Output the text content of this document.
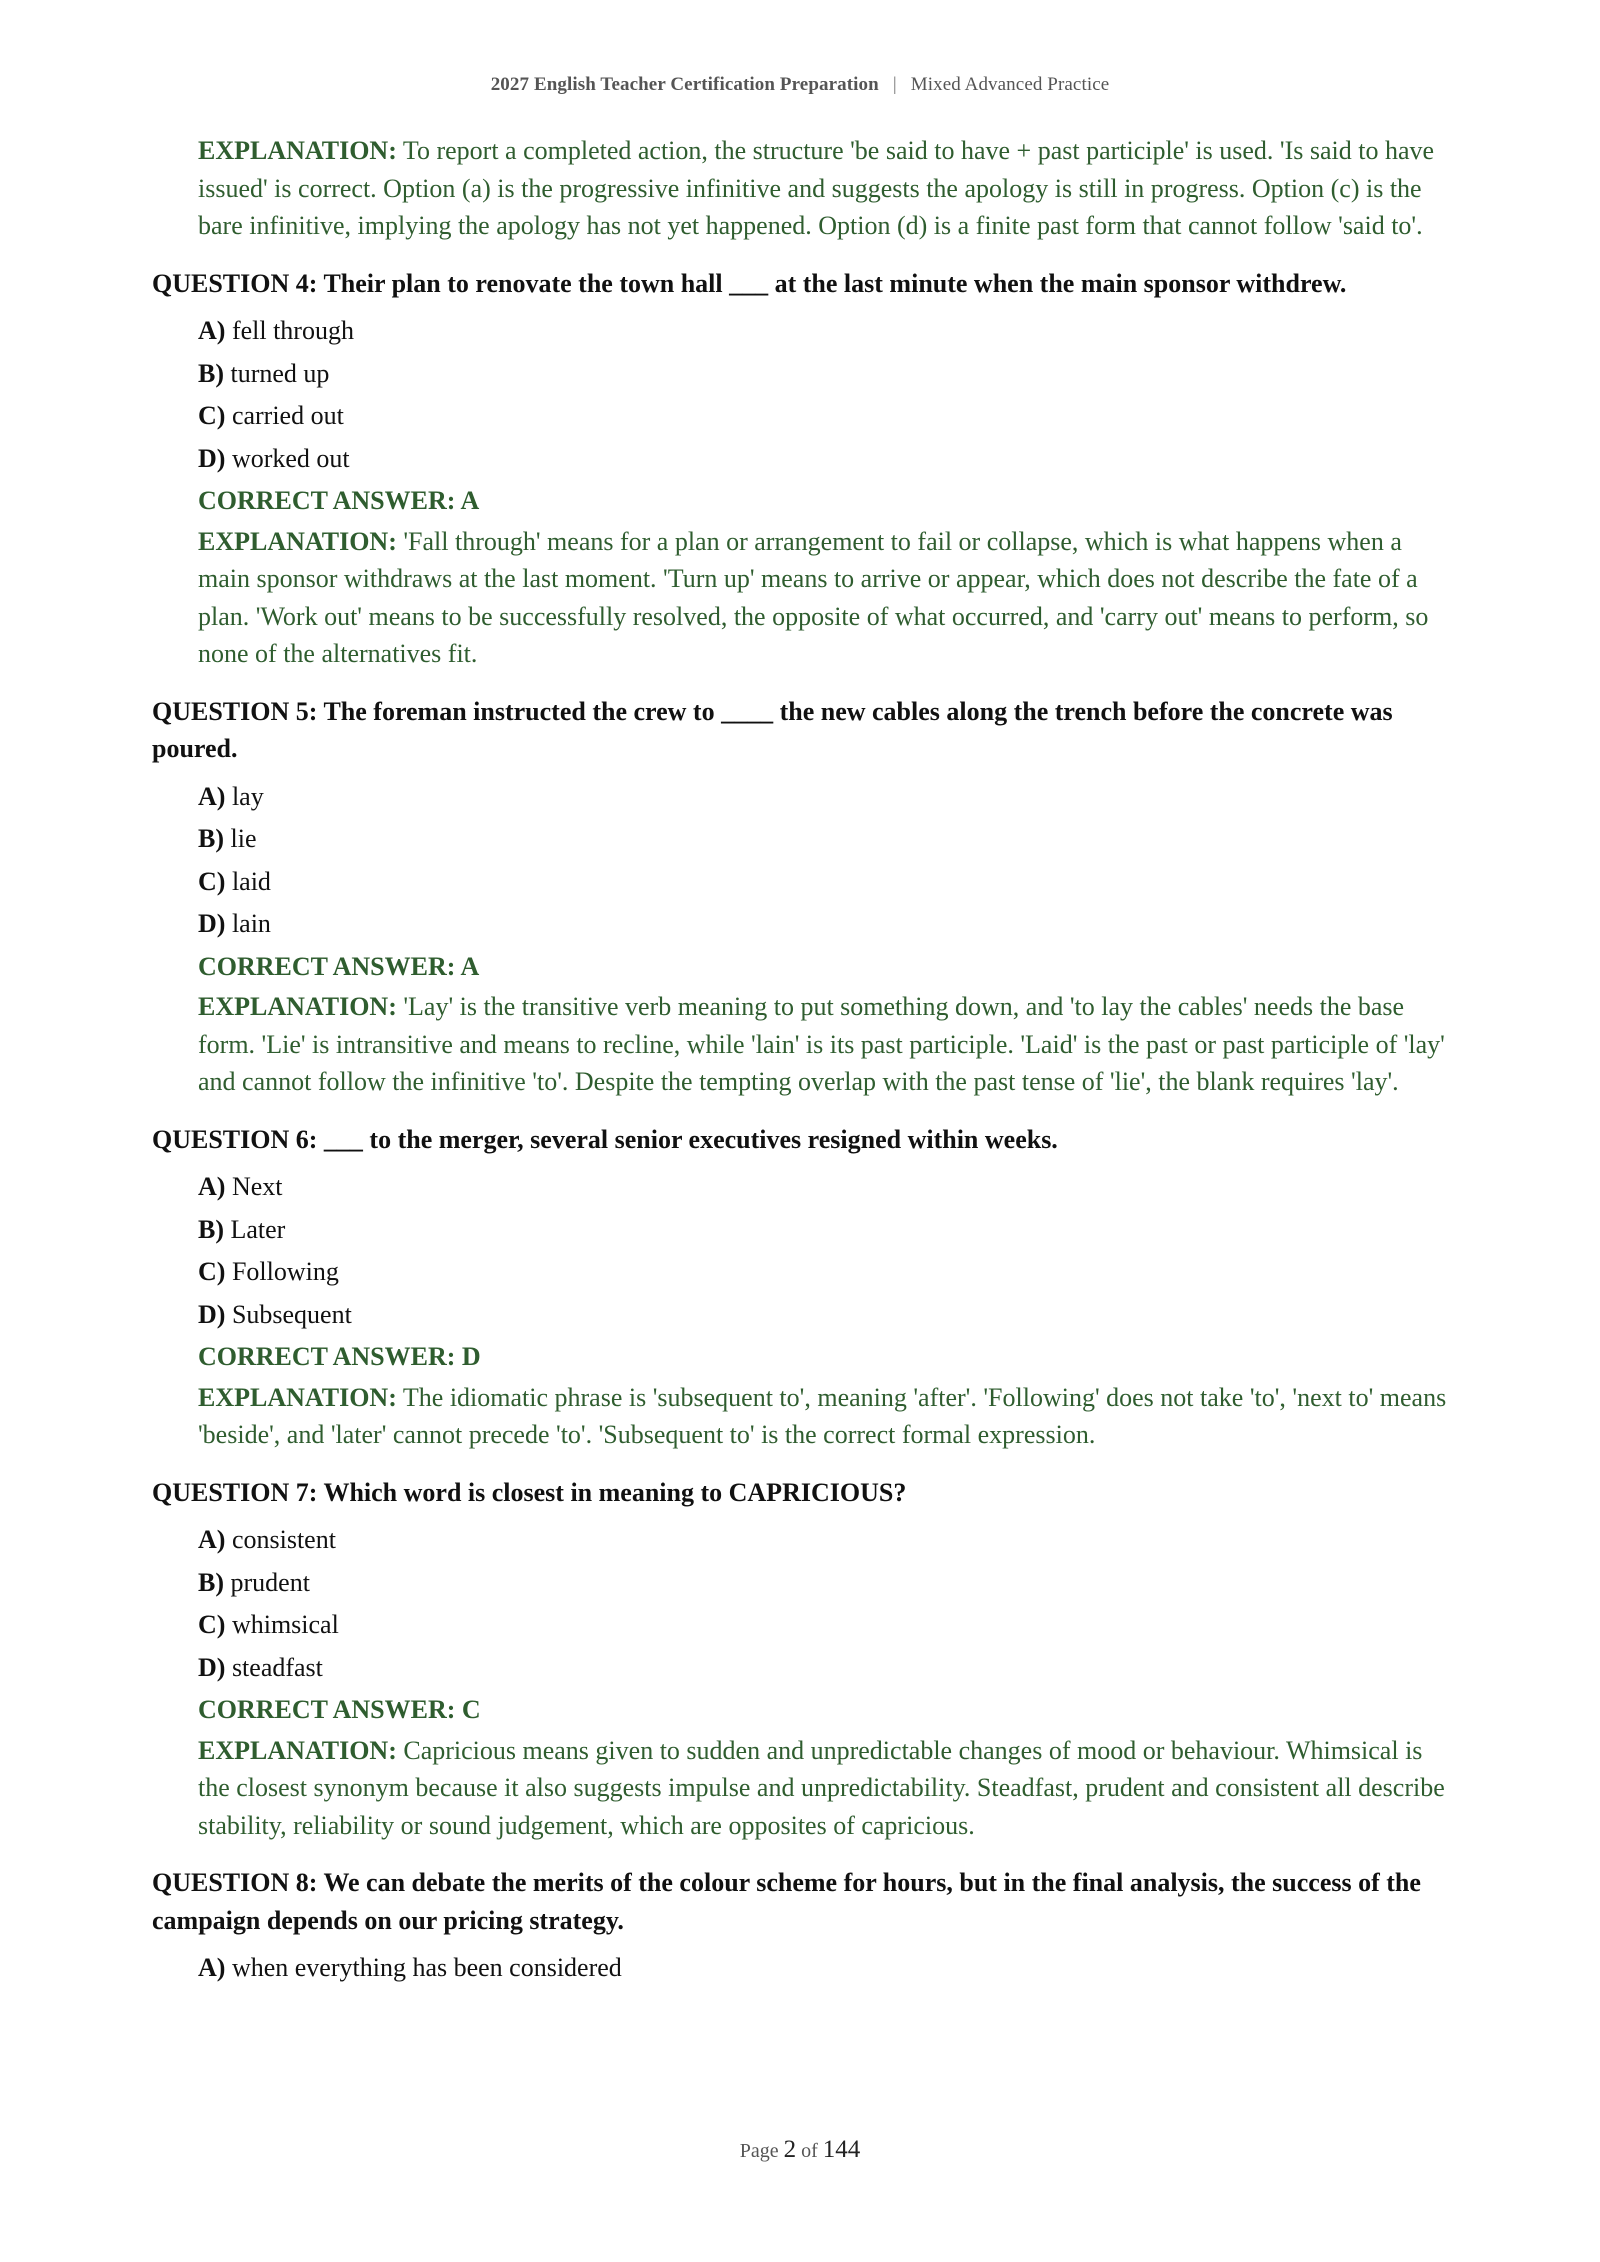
2027 English Teacher Certification Preparation | Mixed Advanced Practice

EXPLANATION: To report a completed action, the structure 'be said to have + past participle' is used. 'Is said to have issued' is correct. Option (a) is the progressive infinitive and suggests the apology is still in progress. Option (c) is the bare infinitive, implying the apology has not yet happened. Option (d) is a finite past form that cannot follow 'said to'.

QUESTION 4: Their plan to renovate the town hall ___ at the last minute when the main sponsor withdrew.

A) fell through
B) turned up
C) carried out
D) worked out
CORRECT ANSWER: A

EXPLANATION: 'Fall through' means for a plan or arrangement to fail or collapse, which is what happens when a main sponsor withdraws at the last moment. 'Turn up' means to arrive or appear, which does not describe the fate of a plan. 'Work out' means to be successfully resolved, the opposite of what occurred, and 'carry out' means to perform, so none of the alternatives fit.

QUESTION 5: The foreman instructed the crew to ____ the new cables along the trench before the concrete was poured.

A) lay
B) lie
C) laid
D) lain
CORRECT ANSWER: A

EXPLANATION: 'Lay' is the transitive verb meaning to put something down, and 'to lay the cables' needs the base form. 'Lie' is intransitive and means to recline, while 'lain' is its past participle. 'Laid' is the past or past participle of 'lay' and cannot follow the infinitive 'to'. Despite the tempting overlap with the past tense of 'lie', the blank requires 'lay'.

QUESTION 6: ___ to the merger, several senior executives resigned within weeks.

A) Next
B) Later
C) Following
D) Subsequent
CORRECT ANSWER: D

EXPLANATION: The idiomatic phrase is 'subsequent to', meaning 'after'. 'Following' does not take 'to', 'next to' means 'beside', and 'later' cannot precede 'to'. 'Subsequent to' is the correct formal expression.

QUESTION 7: Which word is closest in meaning to CAPRICIOUS?

A) consistent
B) prudent
C) whimsical
D) steadfast
CORRECT ANSWER: C

EXPLANATION: Capricious means given to sudden and unpredictable changes of mood or behaviour. Whimsical is the closest synonym because it also suggests impulse and unpredictability. Steadfast, prudent and consistent all describe stability, reliability or sound judgement, which are opposites of capricious.

QUESTION 8: We can debate the merits of the colour scheme for hours, but in the final analysis, the success of the campaign depends on our pricing strategy.

A) when everything has been considered
Page 2 of 144
